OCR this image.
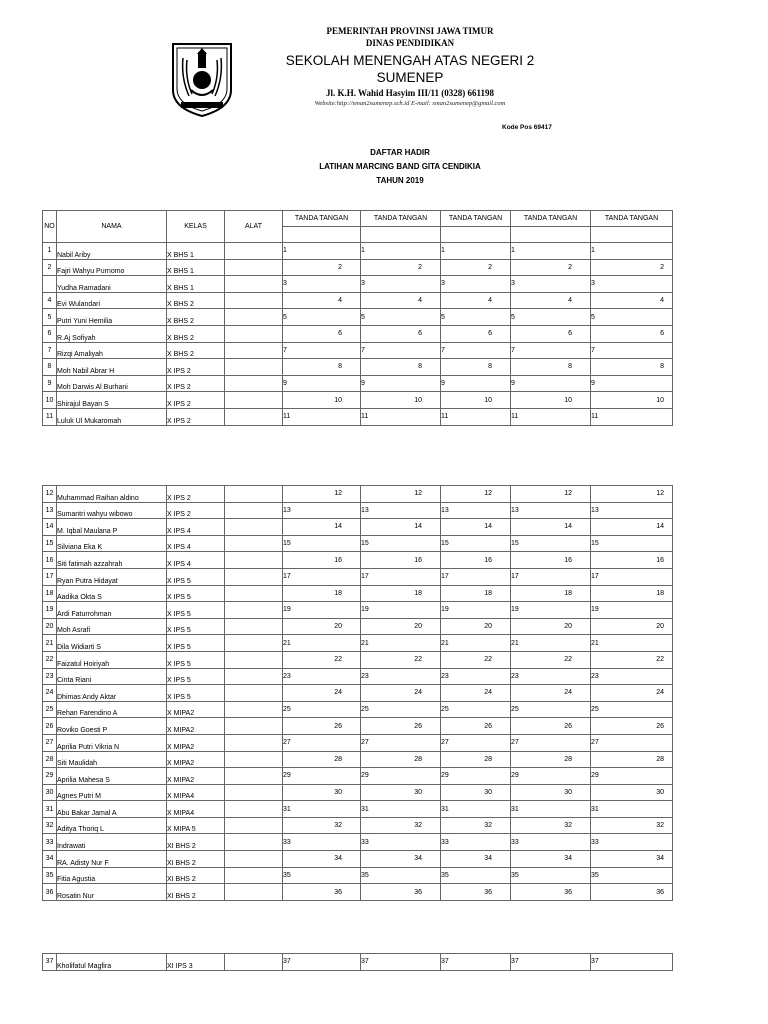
PEMERINTAH PROVINSI JAWA TIMUR
DINAS PENDIDIKAN
SEKOLAH MENENGAH ATAS NEGERI 2
SUMENEP
Jl. K.H. Wahid Hasyim III/11 (0328) 661198
Website:http://sman2sumenep.sch.id E-mail: sman2sumenep@gmail.com
Kode Pos 69417
DAFTAR HADIR
LATIHAN MARCING BAND GITA CENDIKIA
TAHUN 2019
NO	NAMA	KELAS	ALAT	TANDA TANGAN	TANDA TANGAN	TANDA TANGAN	TANDA TANGAN	TANDA TANGAN

1	Nabil Ariby	X BHS 1		1	1	1	1	1
2	Fajri Wahyu Purnomo	X BHS 1		2	2	2	2	2
	Yudha Ramadani	X BHS 1		3	3	3	3	3
4	Evi Wulandari	X BHS 2		4	4	4	4	4
5	Putri Yuni Hemilia	X BHS 2		5	5	5	5	5
6	R.Aj Sofiyah	X BHS 2		6	6	6	6	6
7	Rizqi Amaliyah	X BHS 2		7	7	7	7	7
8	Moh Nabil Abrar H	X IPS 2		8	8	8	8	8
9	Moh Darwis Al Burhani	X IPS 2		9	9	9	9	9
10	Shirajul Bayan S	X IPS 2		10	10	10	10	10
11	Luluk Ul Mukaromah	X IPS 2		11	11	11	11	11
12	Muhammad Raihan aldino	X IPS 2		12	12	12	12	12
13	Sumantri wahyu wibowo	X IPS 2		13	13	13	13	13
14	M. Iqbal Maulana P	X IPS 4		14	14	14	14	14
15	Silviana Eka K	X IPS 4		15	15	15	15	15
16	Siti fatimah azzahrah	X IPS 4		16	16	16	16	16
17	Ryan Putra Hidayat	X IPS 5		17	17	17	17	17
18	Aadika Okta S	X IPS 5		18	18	18	18	18
19	Ardi Faturrohman	X IPS 5		19	19	19	19	19
20	Moh Asrafi	X IPS 5		20	20	20	20	20
21	Dila Widiarti S	X IPS 5		21	21	21	21	21
22	Faizatul Hoiriyah	X IPS 5		22	22	22	22	22
23	Cinta Riani	X IPS 5		23	23	23	23	23
24	Dhimas Andy Aktar	X IPS 5		24	24	24	24	24
25	Rehan Farendino A	X MIPA2		25	25	25	25	25
26	Roviko Goesti P	X MIPA2		26	26	26	26	26
27	Aprilia Putri Vikria N	X MIPA2		27	27	27	27	27
28	Siti Maulidah	X MIPA2		28	28	28	28	28
29	Aprilia Mahesa S	X MIPA2		29	29	29	29	29
30	Agnes Putri M	X MIPA4		30	30	30	30	30
31	Abu Bakar Jamal A	X MIPA4		31	31	31	31	31
32	Aditya Thoriq L	X MIPA 5		32	32	32	32	32
33	Indrawati	XI BHS 2		33	33	33	33	33
34	RA. Adisty Nur F	XI BHS 2		34	34	34	34	34
35	Fitia Agustia	XI BHS 2		35	35	35	35	35
36	Rosatin Nur	XI BHS 2		36	36	36	36	36
37	Kholifatul Magfira	XI IPS 3		37	37	37	37	37
